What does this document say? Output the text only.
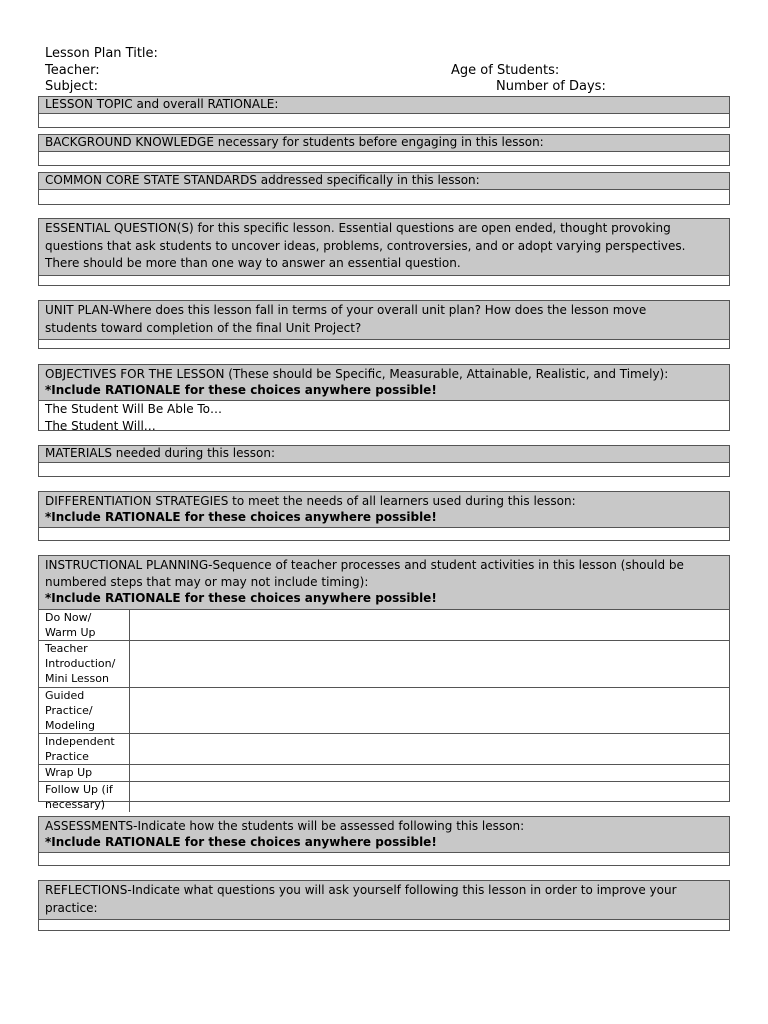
Lesson Plan Title:
Teacher:
Subject:
Age of Students:
Number of Days:
LESSON TOPIC and overall RATIONALE:
BACKGROUND KNOWLEDGE necessary for students before engaging in this lesson:
COMMON CORE STATE STANDARDS addressed specifically in this lesson:
ESSENTIAL QUESTION(S) for this specific lesson. Essential questions are open ended, thought provoking
questions that ask students to uncover ideas, problems, controversies, and or adopt varying perspectives.
There should be more than one way to answer an essential question.
UNIT PLAN-Where does this lesson fall in terms of your overall unit plan? How does the lesson move
students toward completion of the final Unit Project?
OBJECTIVES FOR THE LESSON (These should be Specific, Measurable, Attainable, Realistic, and Timely):
*Include RATIONALE for these choices anywhere possible!
The Student Will Be Able To…
The Student Will…
MATERIALS needed during this lesson:
DIFFERENTIATION STRATEGIES to meet the needs of all learners used during this lesson:
*Include RATIONALE for these choices anywhere possible!
INSTRUCTIONAL PLANNING-Sequence of teacher processes and student activities in this lesson (should be
numbered steps that may or may not include timing):
*Include RATIONALE for these choices anywhere possible!
Do Now/
Warm Up
Teacher
Introduction/
Mini Lesson
Guided
Practice/
Modeling
Independent
Practice
Wrap Up
Follow Up (if
necessary)
ASSESSMENTS-Indicate how the students will be assessed following this lesson:
*Include RATIONALE for these choices anywhere possible!
REFLECTIONS-Indicate what questions you will ask yourself following this lesson in order to improve your
practice:
